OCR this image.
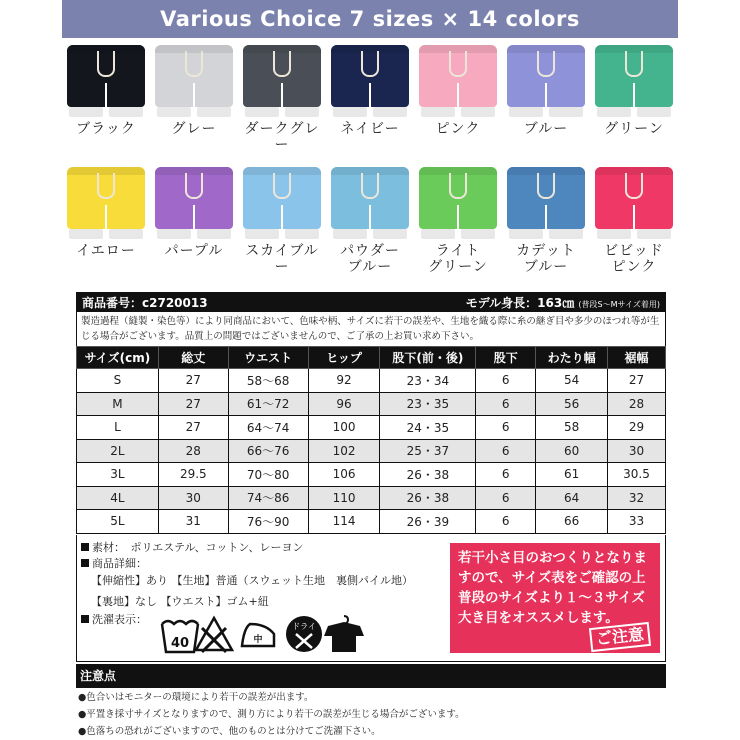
Various Choice 7 sizes × 14 colors
ブラック	グレー	ダークグレー
ネイビー	ピンク	ブルー	グリーン
イエロー	パープル	スカイブルー
パウダー
ブルー
ライト
グリーン
カデット
ブルー
ビビッド
ピンク
商品番号：c2720013	モデル身長：163㎝ (普段S〜Mサイズ着用)
製造過程（縫製・染色等）により同商品において、色味や柄、サイズに若干の誤差や、生地を織る際に糸の継ぎ目や多少のほつれ等が生じる場合がございます。品質上の問題ではございませんので、ご了承の上お買い求め下さい。
サイズ(cm)	総丈	ウエスト	ヒップ	股下(前・後)	股下	わたり幅	裾幅
S	27	58〜68	92	23・34	6	54	27
M	27	61〜72	96	23・35	6	56	28
L	27	64〜74	100	24・35	6	58	29
2L	28	66〜76	102	25・37	6	60	30
3L	29.5	70〜80	106	26・38	6	61	30.5
4L	30	74〜86	110	26・38	6	64	32
5L	31	76〜90	114	26・39	6	66	33
素材：　ポリエステル、コットン、レーヨン
商品詳細：
【伸縮性】あり 【生地】普通（スウェット生地　裏側パイル地）
【裏地】なし 【ウエスト】ゴム+紐
洗濯表示：
40	中
ドライ
若干小さ目のおつくりとなりますので、サイズ表をご確認の上普段のサイズより１〜３サイズ大き目をオススメします。
ご注意
注意点
●色合いはモニターの環境により若干の誤差が出ます。
●平置き採寸サイズとなりますので、測り方により若干の誤差が生じる場合がございます。
●色落ちの恐れがございますので、他のものとは分けてご洗濯下さい。
